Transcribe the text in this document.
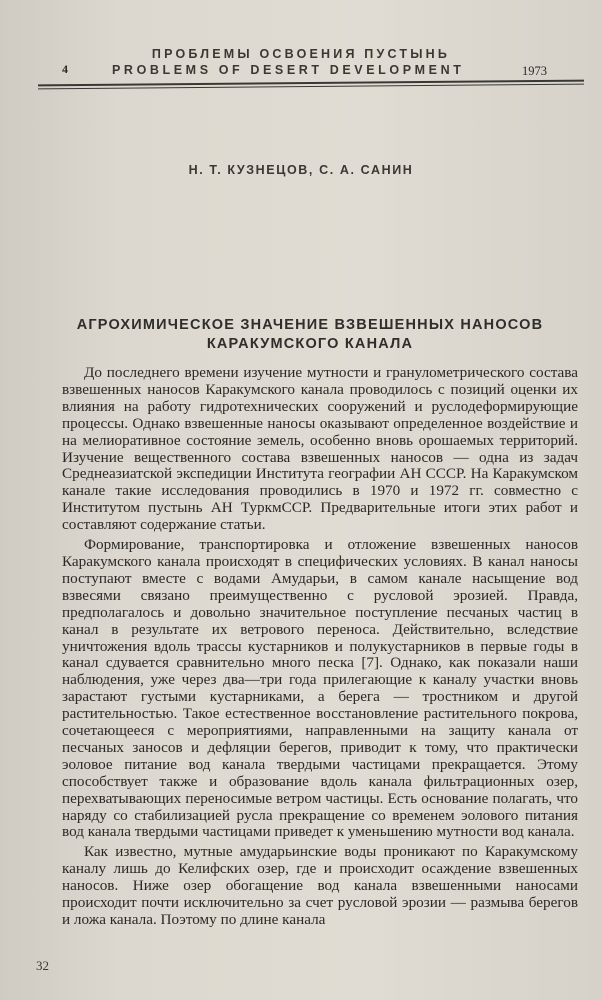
ПРОБЛЕМЫ ОСВОЕНИЯ ПУСТЫНЬ
4	PROBLEMS OF DESERT DEVELOPMENT	1973
Н. Т. КУЗНЕЦОВ, С. А. САНИН
АГРОХИМИЧЕСКОЕ ЗНАЧЕНИЕ ВЗВЕШЕННЫХ НАНОСОВ КАРАКУМСКОГО КАНАЛА

До последнего времени изучение мутности и гранулометрического состава взвешенных наносов Каракумского канала проводилось с позиций оценки их влияния на работу гидротехнических сооружений и руслодеформирующие процессы. Однако взвешенные наносы оказывают определенное воздействие и на мелиоративное состояние земель, особенно вновь орошаемых территорий. Изучение вещественного состава взвешенных наносов — одна из задач Среднеазиатской экспедиции Института географии АН СССР. На Каракумском канале такие исследования проводились в 1970 и 1972 гг. совместно с Институтом пустынь АН ТуркмССР. Предварительные итоги этих работ и составляют содержание статьи.

Формирование, транспортировка и отложение взвешенных наносов Каракумского канала происходят в специфических условиях. В канал наносы поступают вместе с водами Амударьи, в самом канале насыщение вод взвесями связано преимущественно с русловой эрозией. Правда, предполагалось и довольно значительное поступление песчаных частиц в канал в результате их ветрового переноса. Действительно, вследствие уничтожения вдоль трассы кустарников и полукустарников в первые годы в канал сдувается сравнительно много песка [7]. Однако, как показали наши наблюдения, уже через два—три года прилегающие к каналу участки вновь зарастают густыми кустарниками, а берега — тростником и другой растительностью. Такое естественное восстановление растительного покрова, сочетающееся с мероприятиями, направленными на защиту канала от песчаных заносов и дефляции берегов, приводит к тому, что практически эоловое питание вод канала твердыми частицами прекращается. Этому способствует также и образование вдоль канала фильтрационных озер, перехватывающих переносимые ветром частицы. Есть основание полагать, что наряду со стабилизацией русла прекращение со временем эолового питания вод канала твердыми частицами приведет к уменьшению мутности вод канала.

Как известно, мутные амударьинские воды проникают по Каракумскому каналу лишь до Келифских озер, где и происходит осаждение взвешенных наносов. Ниже озер обогащение вод канала взвешенными наносами происходит почти исключительно за счет русловой эрозии — размыва берегов и ложа канала. Поэтому по длине канала

32
